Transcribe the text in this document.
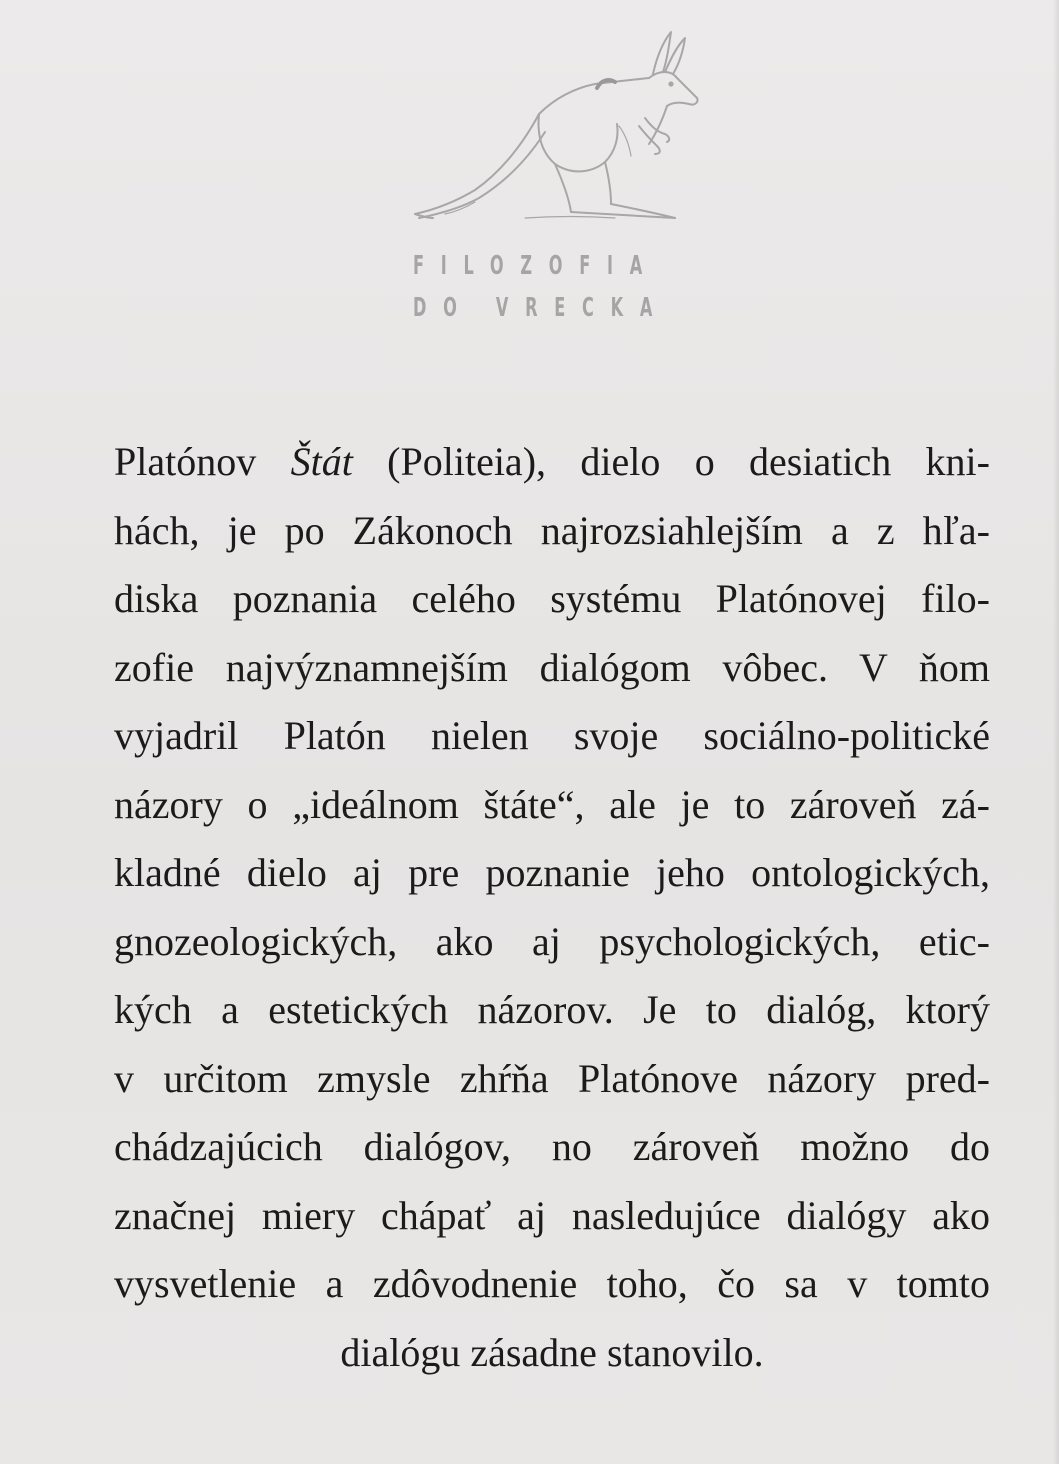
FILOZOFIA
DO VRECKA
Platónov Štát (Politeia), dielo o desiatich kni-
hách, je po Zákonoch najrozsiahlejším a z hľa-
diska poznania celého systému Platónovej filo-
zofie najvýznamnejším dialógom vôbec. V ňom
vyjadril Platón nielen svoje sociálno-politické
názory o „ideálnom štáte“, ale je to zároveň zá-
kladné dielo aj pre poznanie jeho ontologických,
gnozeologických, ako aj psychologických, etic-
kých a estetických názorov. Je to dialóg, ktorý
v určitom zmysle zhŕňa Platónove názory pred-
chádzajúcich dialógov, no zároveň možno do
značnej miery chápať aj nasledujúce dialógy ako
vysvetlenie a zdôvodnenie toho, čo sa v tomto
dialógu zásadne stanovilo.
